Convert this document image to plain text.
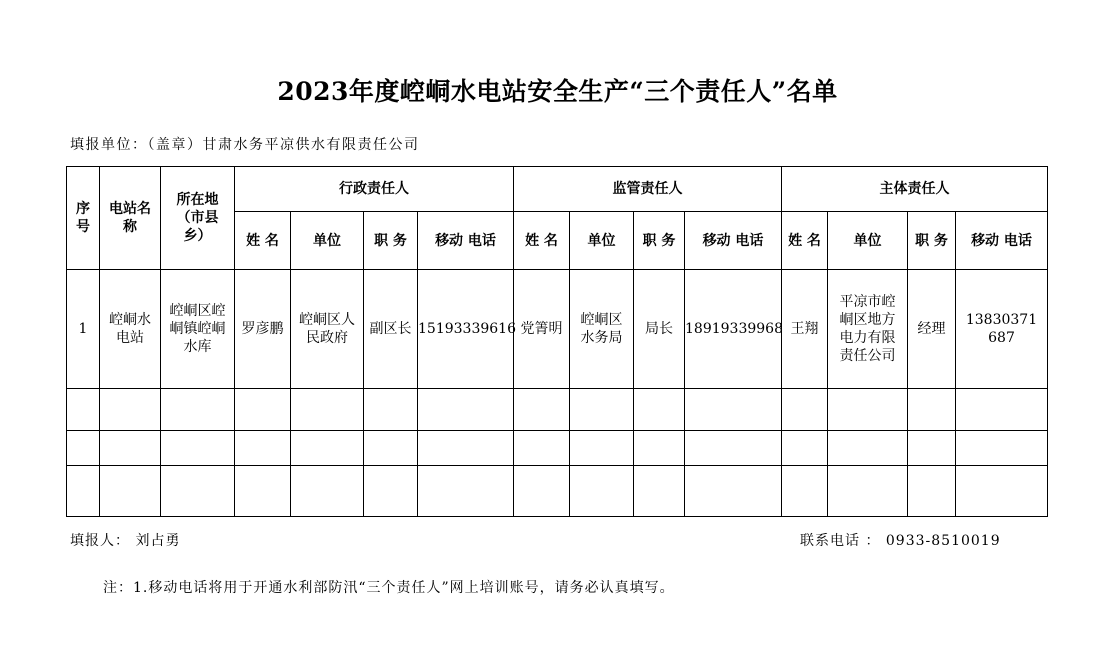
2023年度崆峒水电站安全生产“三个责任人”名单
填报单位：（盖章）甘肃水务平凉供水有限责任公司
序号	电站名称	所在地（市县乡）	行政责任人				监管责任人				主体责任人			
			姓 名	单位	职 务	移动 电话	姓 名	单位	职 务	移动 电话	姓 名	单位	职 务	移动 电话
1	崆峒水电站	崆峒区崆峒镇崆峒水库	罗彦鹏	崆峒区人民政府	副区长	15193339616	党箐明	崆峒区水务局	局长	18919339968	王翔	平凉市崆峒区地方电力有限责任公司	经理	13830371687

填报人： 刘占勇	联系电话 ： 0933-8510019
注：1.移动电话将用于开通水利部防汛“三个责任人”网上培训账号，请务必认真填写。
